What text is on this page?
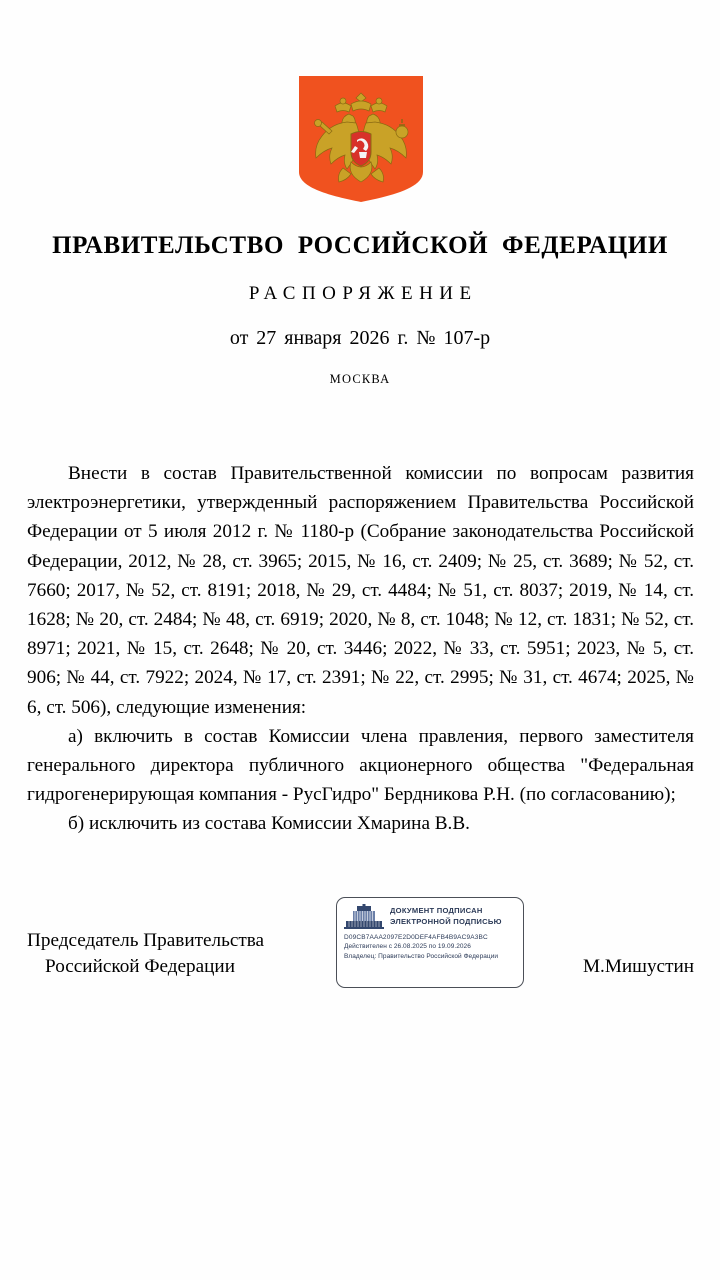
ПРАВИТЕЛЬСТВО РОССИЙСКОЙ ФЕДЕРАЦИИ
РАСПОРЯЖЕНИЕ
от 27 января 2026 г. № 107-р
МОСКВА

Внести в состав Правительственной комиссии по вопросам развития электроэнергетики, утвержденный распоряжением Правительства Российской Федерации от 5 июля 2012 г. № 1180-р (Собрание законодательства Российской Федерации, 2012, № 28, ст. 3965; 2015, № 16, ст. 2409; № 25, ст. 3689; № 52, ст. 7660; 2017, № 52, ст. 8191; 2018, № 29, ст. 4484; № 51, ст. 8037; 2019, № 14, ст. 1628; № 20, ст. 2484; № 48, ст. 6919; 2020, № 8, ст. 1048; № 12, ст. 1831; № 52, ст. 8971; 2021, № 15, ст. 2648; № 20, ст. 3446; 2022, № 33, ст. 5951; 2023, № 5, ст. 906; № 44, ст. 7922; 2024, № 17, ст. 2391; № 22, ст. 2995; № 31, ст. 4674; 2025, № 6, ст. 506), следующие изменения:

а) включить в состав Комиссии члена правления, первого заместителя генерального директора публичного акционерного общества "Федеральная гидрогенерирующая компания - РусГидро" Бердникова Р.Н. (по согласованию);

б) исключить из состава Комиссии Хмарина В.В.

Председатель Правительства
Российской Федерации	М.Мишустин
ДОКУМЕНТ ПОДПИСАН
ЭЛЕКТРОННОЙ ПОДПИСЬЮ
D09CB7AAA2097E2D0DEF4AFB4B9AC9A3BC
Действителен с 26.08.2025 по 19.09.2026
Владелец: Правительство Российской Федерации
